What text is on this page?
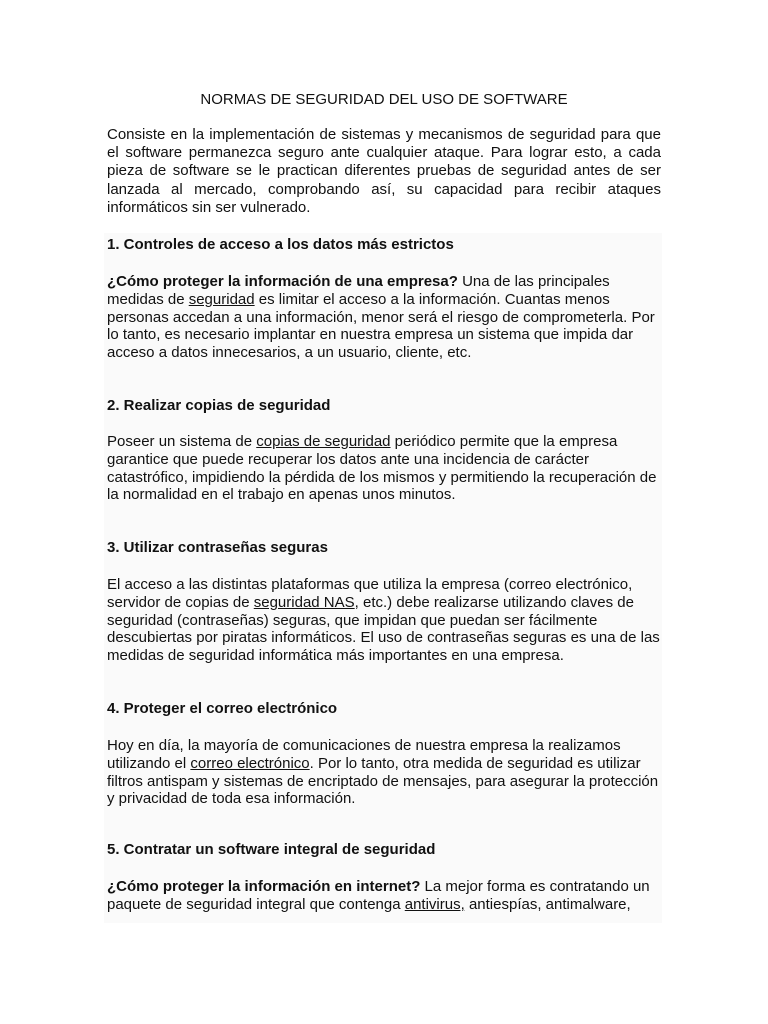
NORMAS DE SEGURIDAD DEL USO DE SOFTWARE
Consiste en la implementación de sistemas y mecanismos de seguridad para que el software permanezca seguro ante cualquier ataque. Para lograr esto, a cada pieza de software se le practican diferentes pruebas de seguridad antes de ser lanzada al mercado, comprobando así, su capacidad para recibir ataques informáticos sin ser vulnerado.
1. Controles de acceso a los datos más estrictos
¿Cómo proteger la información de una empresa? Una de las principales medidas de seguridad es limitar el acceso a la información. Cuantas menos personas accedan a una información, menor será el riesgo de comprometerla. Por lo tanto, es necesario implantar en nuestra empresa un sistema que impida dar acceso a datos innecesarios, a un usuario, cliente, etc.
2. Realizar copias de seguridad
Poseer un sistema de copias de seguridad periódico permite que la empresa garantice que puede recuperar los datos ante una incidencia de carácter catastrófico, impidiendo la pérdida de los mismos y permitiendo la recuperación de la normalidad en el trabajo en apenas unos minutos.
3. Utilizar contraseñas seguras
El acceso a las distintas plataformas que utiliza la empresa (correo electrónico, servidor de copias de seguridad NAS, etc.) debe realizarse utilizando claves de seguridad (contraseñas) seguras, que impidan que puedan ser fácilmente descubiertas por piratas informáticos. El uso de contraseñas seguras es una de las medidas de seguridad informática más importantes en una empresa.
4. Proteger el correo electrónico
Hoy en día, la mayoría de comunicaciones de nuestra empresa la realizamos utilizando el correo electrónico. Por lo tanto, otra medida de seguridad es utilizar filtros antispam y sistemas de encriptado de mensajes, para asegurar la protección y privacidad de toda esa información.
5. Contratar un software integral de seguridad
¿Cómo proteger la información en internet? La mejor forma es contratando un paquete de seguridad integral que contenga antivirus, antiespías, antimalware,
